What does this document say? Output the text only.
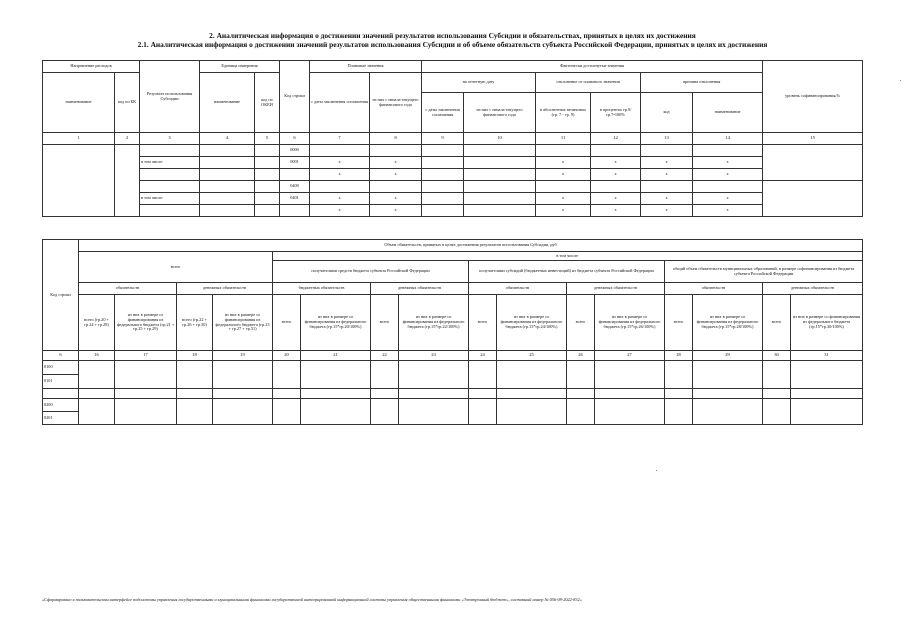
2. Аналитическая информация о достижении значений результатов использования Субсидии и обязательствах, принятых в целях их достижения
2.1. Аналитическая информация о достижении значений результатов использования Субсидии и об объеме обязательств субъекта Российской Федерации, принятых в целях их достижения
Направление расходов		Результат использования Субсидии	Единица измерения		Код строки	Плановые значения		Фактически достигнутые значения						уровень софинансирования,%
наименование	код по БК		наименование	код по ОКЕИ		с даты заключения соглашения	из них с начала текущего финансового года	на отчетную дату		отклонение от планового значения		причина отклонения		
								с даты заключения соглашения	из них с начала текущего финансового года	в абсолютных величинах (гр. 7 - гр. 9)	в процентах гр.9/гр.7•100%	код	наименование	
1	2	3	4	5	6	7	8	9	10	11	12	13	14	15
					0000									
		в том числе:			0001	x	x			x	x	x	x	
						x	x			x	x	x	x	
					0400									
		в том числе:			0401	x	x			x	x	x	x	
						x	x			x	x	x	x	
Код строки	Объем обязательств, принятых в целях достижения результатов использования Субсидии, руб															
	всего				в том числе:											
					получателями средств бюджета субъекта Российской Федерации				получателями субсидий (бюджетных инвестиций) из бюджета субъекта Российской Федерации				общий объем обязательств муниципальных образований, в размере софинансирования из бюджета субъекта Российской Федерации			
	обязательств		денежных обязательств		бюджетных обязательств		денежных обязательств		обязательств		денежных обязательств		обязательств		денежных обязательств	
	всего (гр.20 + гр.24 + гр.28)	из них в размере со финансирования из федерального бюджета (гр.21 + гр.25 + гр.29)	всего (гр.22 + гр.26 + гр.30)	из них в размере со финансирования из федерального бюджета (гр.23 + гр.27 + гр.31)	всего	из них в размере со финансирования из федерального бюджета (гр.15*гр.20/100%)	всего	из них в размере со финансирования из федерального бюджета (гр.15*гр.22/100%)	всего	из них в размере со финансирования из федерального бюджета (гр.15*гр.24/100%)	всего	из них в размере со финансирования из федерального бюджета (гр.15*гр.26/100%)	всего	из них в размере со финансирования из федерального бюджета (гр.15*гр.28/100%)	всего	из них в размере со финансирования из федерального бюджета (гр.15*гр.30/100%)
6	16	17	18	19	20	21	22	23	24	25	26	27	28	29	30	31
0100																
0101																

0200																
0201																
«Сформировано в пользовательском интерфейсе подсистемы управления государственными и муниципальными финансами государственной интегрированной информационной системы управления общественными финансами «Электронный бюджет», системный номер № 056-09-2022-832»
